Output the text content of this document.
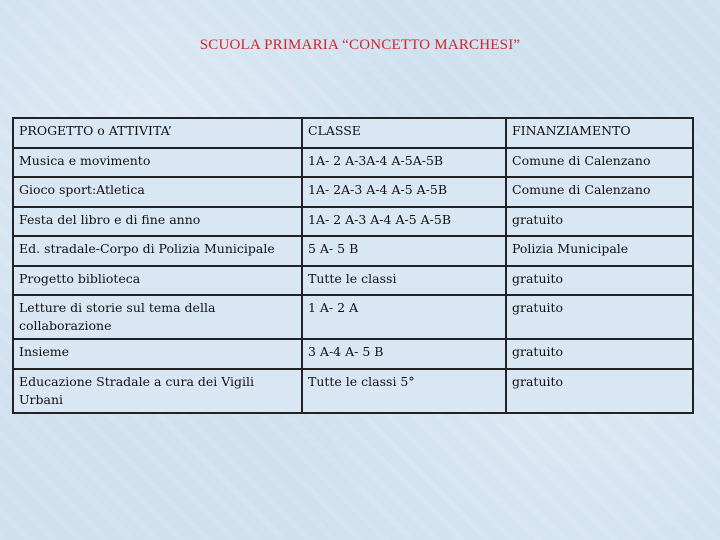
SCUOLA PRIMARIA “CONCETTO MARCHESI”
PROGETTO o ATTIVITA’	CLASSE	FINANZIAMENTO
Musica e movimento	1A- 2 A-3A-4 A-5A-5B	Comune di Calenzano
Gioco sport:Atletica	1A- 2A-3 A-4 A-5 A-5B	Comune di Calenzano
Festa del libro e di fine anno	1A- 2 A-3 A-4 A-5 A-5B	gratuito
Ed. stradale-Corpo di Polizia Municipale	5 A- 5 B	Polizia Municipale
Progetto biblioteca	Tutte le classi	gratuito

Letture di storie sul tema della
collaborazione	1 A- 2 A	gratuito
Insieme	3 A-4 A- 5 B	gratuito
Educazione Stradale a cura dei Vigili Urbani	Tutte le classi 5°	gratuito
